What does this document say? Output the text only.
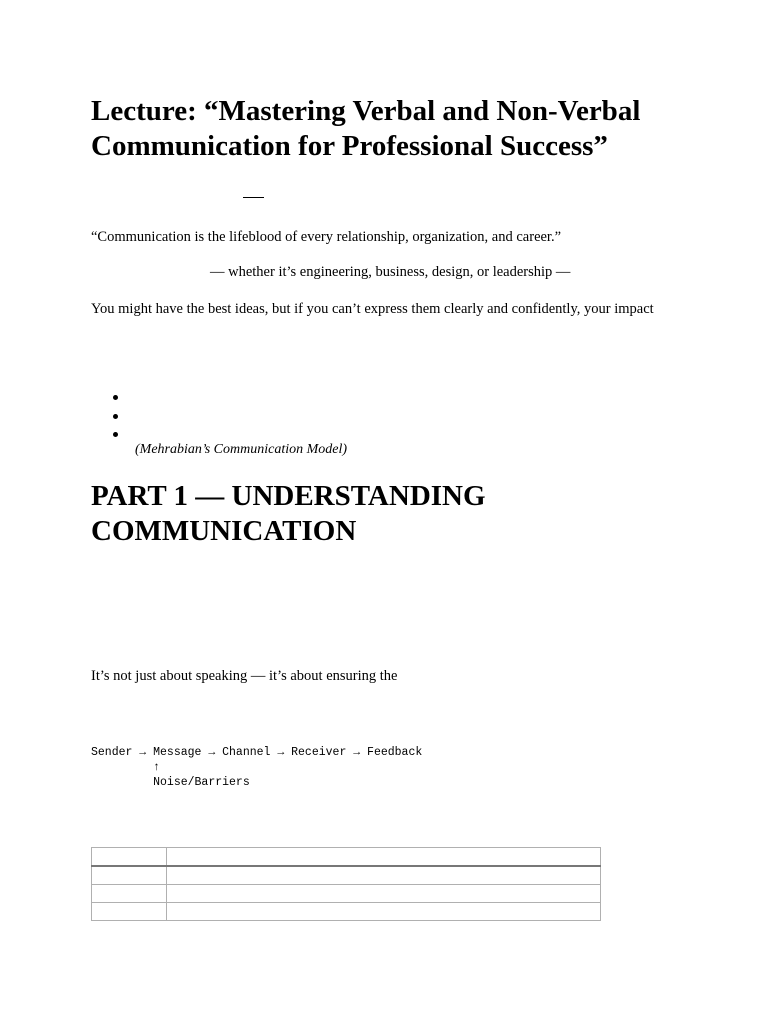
Lecture: “Mastering Verbal and Non-Verbal Communication for Professional Success”

“Communication is the lifeblood of every relationship, organization, and career.”

— whether it’s engineering, business, design, or leadership —

You might have the best ideas, but if you can’t express them clearly and confidently, your impact

(Mehrabian’s Communication Model)

PART 1 — UNDERSTANDING COMMUNICATION

It’s not just about speaking — it’s about ensuring the

Sender → Message → Channel → Receiver → Feedback
↑
Noise/Barriers
